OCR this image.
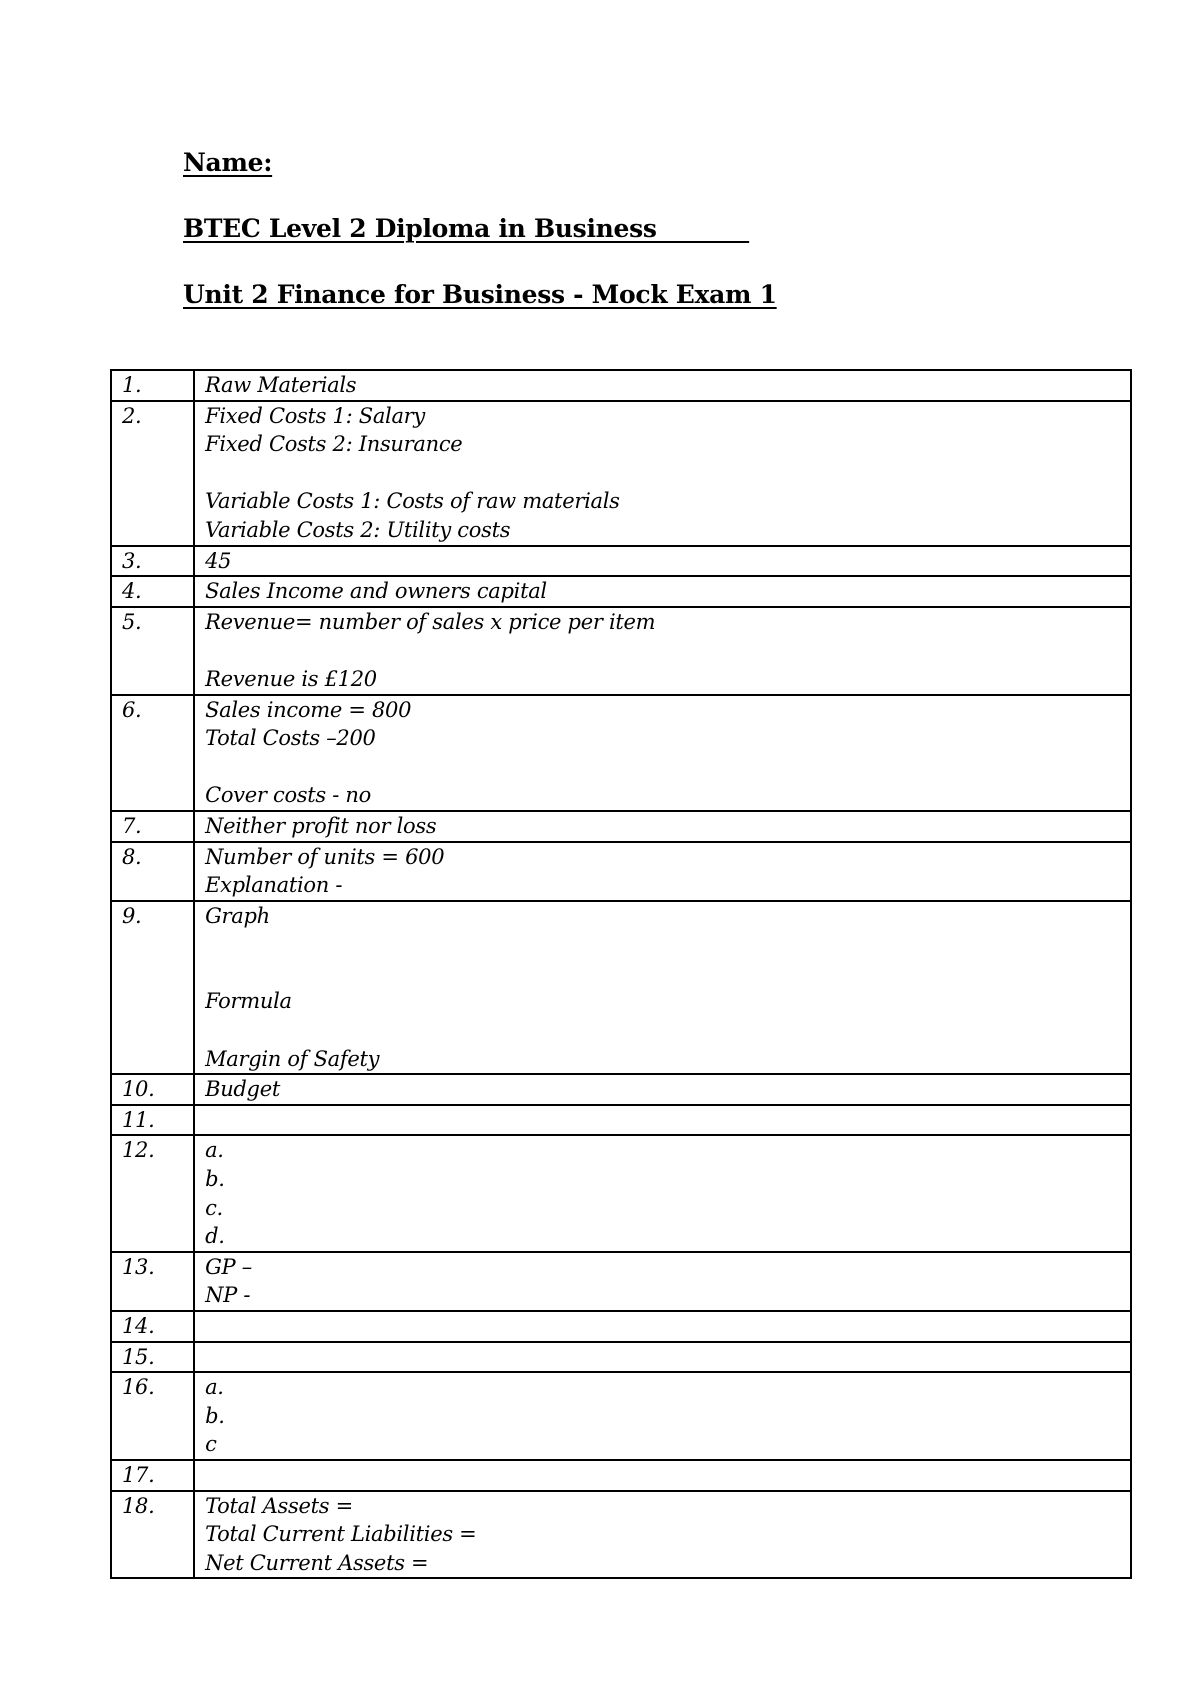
Name:

BTEC Level 2 Diploma in Business

Unit 2 Finance for Business - Mock Exam 1

1.	Raw Materials

2.	Fixed Costs 1: Salary
Fixed Costs 2: Insurance
Variable Costs 1: Costs of raw materials
Variable Costs 2: Utility costs

3.	45

4.	Sales Income and owners capital

5.	Revenue= number of sales x price per item
Revenue is £120

6.	Sales income = 800
Total Costs –200
Cover costs - no

7.	Neither profit nor loss

8.	Number of units = 600
Explanation -

9.	Graph
Formula
Margin of Safety

10.	Budget

11.	

12.	a.
b.
c.
d.

13.	GP –
NP -

14.	

15.	

16.	a.
b.
c

17.	

18.	Total Assets =
Total Current Liabilities =
Net Current Assets =
